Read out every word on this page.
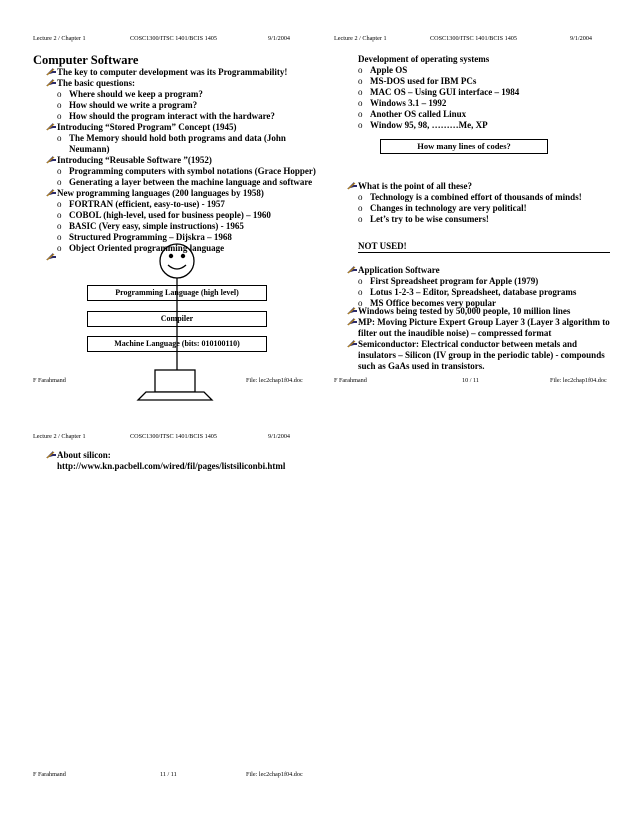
Lecture 2 / Chapter 1	COSC1300/ITSC 1401/BCIS 1405	9/1/2004
Computer Software
The key to computer development was its Programmability!
The basic questions:
o Where should we keep a program?
o How should we write a program?
o How should the program interact with the hardware?
Introducing “Stored Program” Concept (1945)
o The Memory should hold both programs and data (John
Neumann)
Introducing “Reusable Software ”(1952)
o Programming computers with symbol notations (Grace Hopper)
o Generating a layer between the machine language and software
New programming languages (200 languages by 1958)
o FORTRAN (efficient, easy-to-use) - 1957
o COBOL (high-level, used for business people) – 1960
o BASIC (Very easy, simple instructions) - 1965
o Structured Programming – Dijskra – 1968
o Object Oriented programming language
Programming Language (high level)
Compiler
Machine Language (bits: 010100110)
F Farahmand	File: lec2chap1f04.doc
Lecture 2 / Chapter 1	COSC1300/ITSC 1401/BCIS 1405	9/1/2004
Development of operating systems
o Apple OS
o MS-DOS used for IBM PCs
o MAC OS – Using GUI interface – 1984
o Windows 3.1 – 1992
o Another OS called Linux
o Window 95, 98, ………Me, XP
How many lines of codes?
What is the point of all these?
o Technology is a combined effort of thousands of minds!
o Changes in technology are very political!
o Let’s try to be wise consumers!
NOT USED!
Application Software
o First Spreadsheet program for Apple (1979)
o Lotus 1-2-3 – Editor, Spreadsheet, database programs
o MS Office becomes very popular
Windows being tested by 50,000 people, 10 million lines
MP: Moving Picture Expert Group Layer 3 (Layer 3 algorithm to
filter out the inaudible noise) – compressed format
Semiconductor: Electrical conductor between metals and
insulators – Silicon (IV group in the periodic table) - compounds
such as GaAs used in transistors.
F Farahmand	10 / 11	File: lec2chap1f04.doc
Lecture 2 / Chapter 1	COSC1300/ITSC 1401/BCIS 1405	9/1/2004
About silicon:
http://www.kn.pacbell.com/wired/fil/pages/listsiliconbi.html
F Farahmand	11 / 11	File: lec2chap1f04.doc
